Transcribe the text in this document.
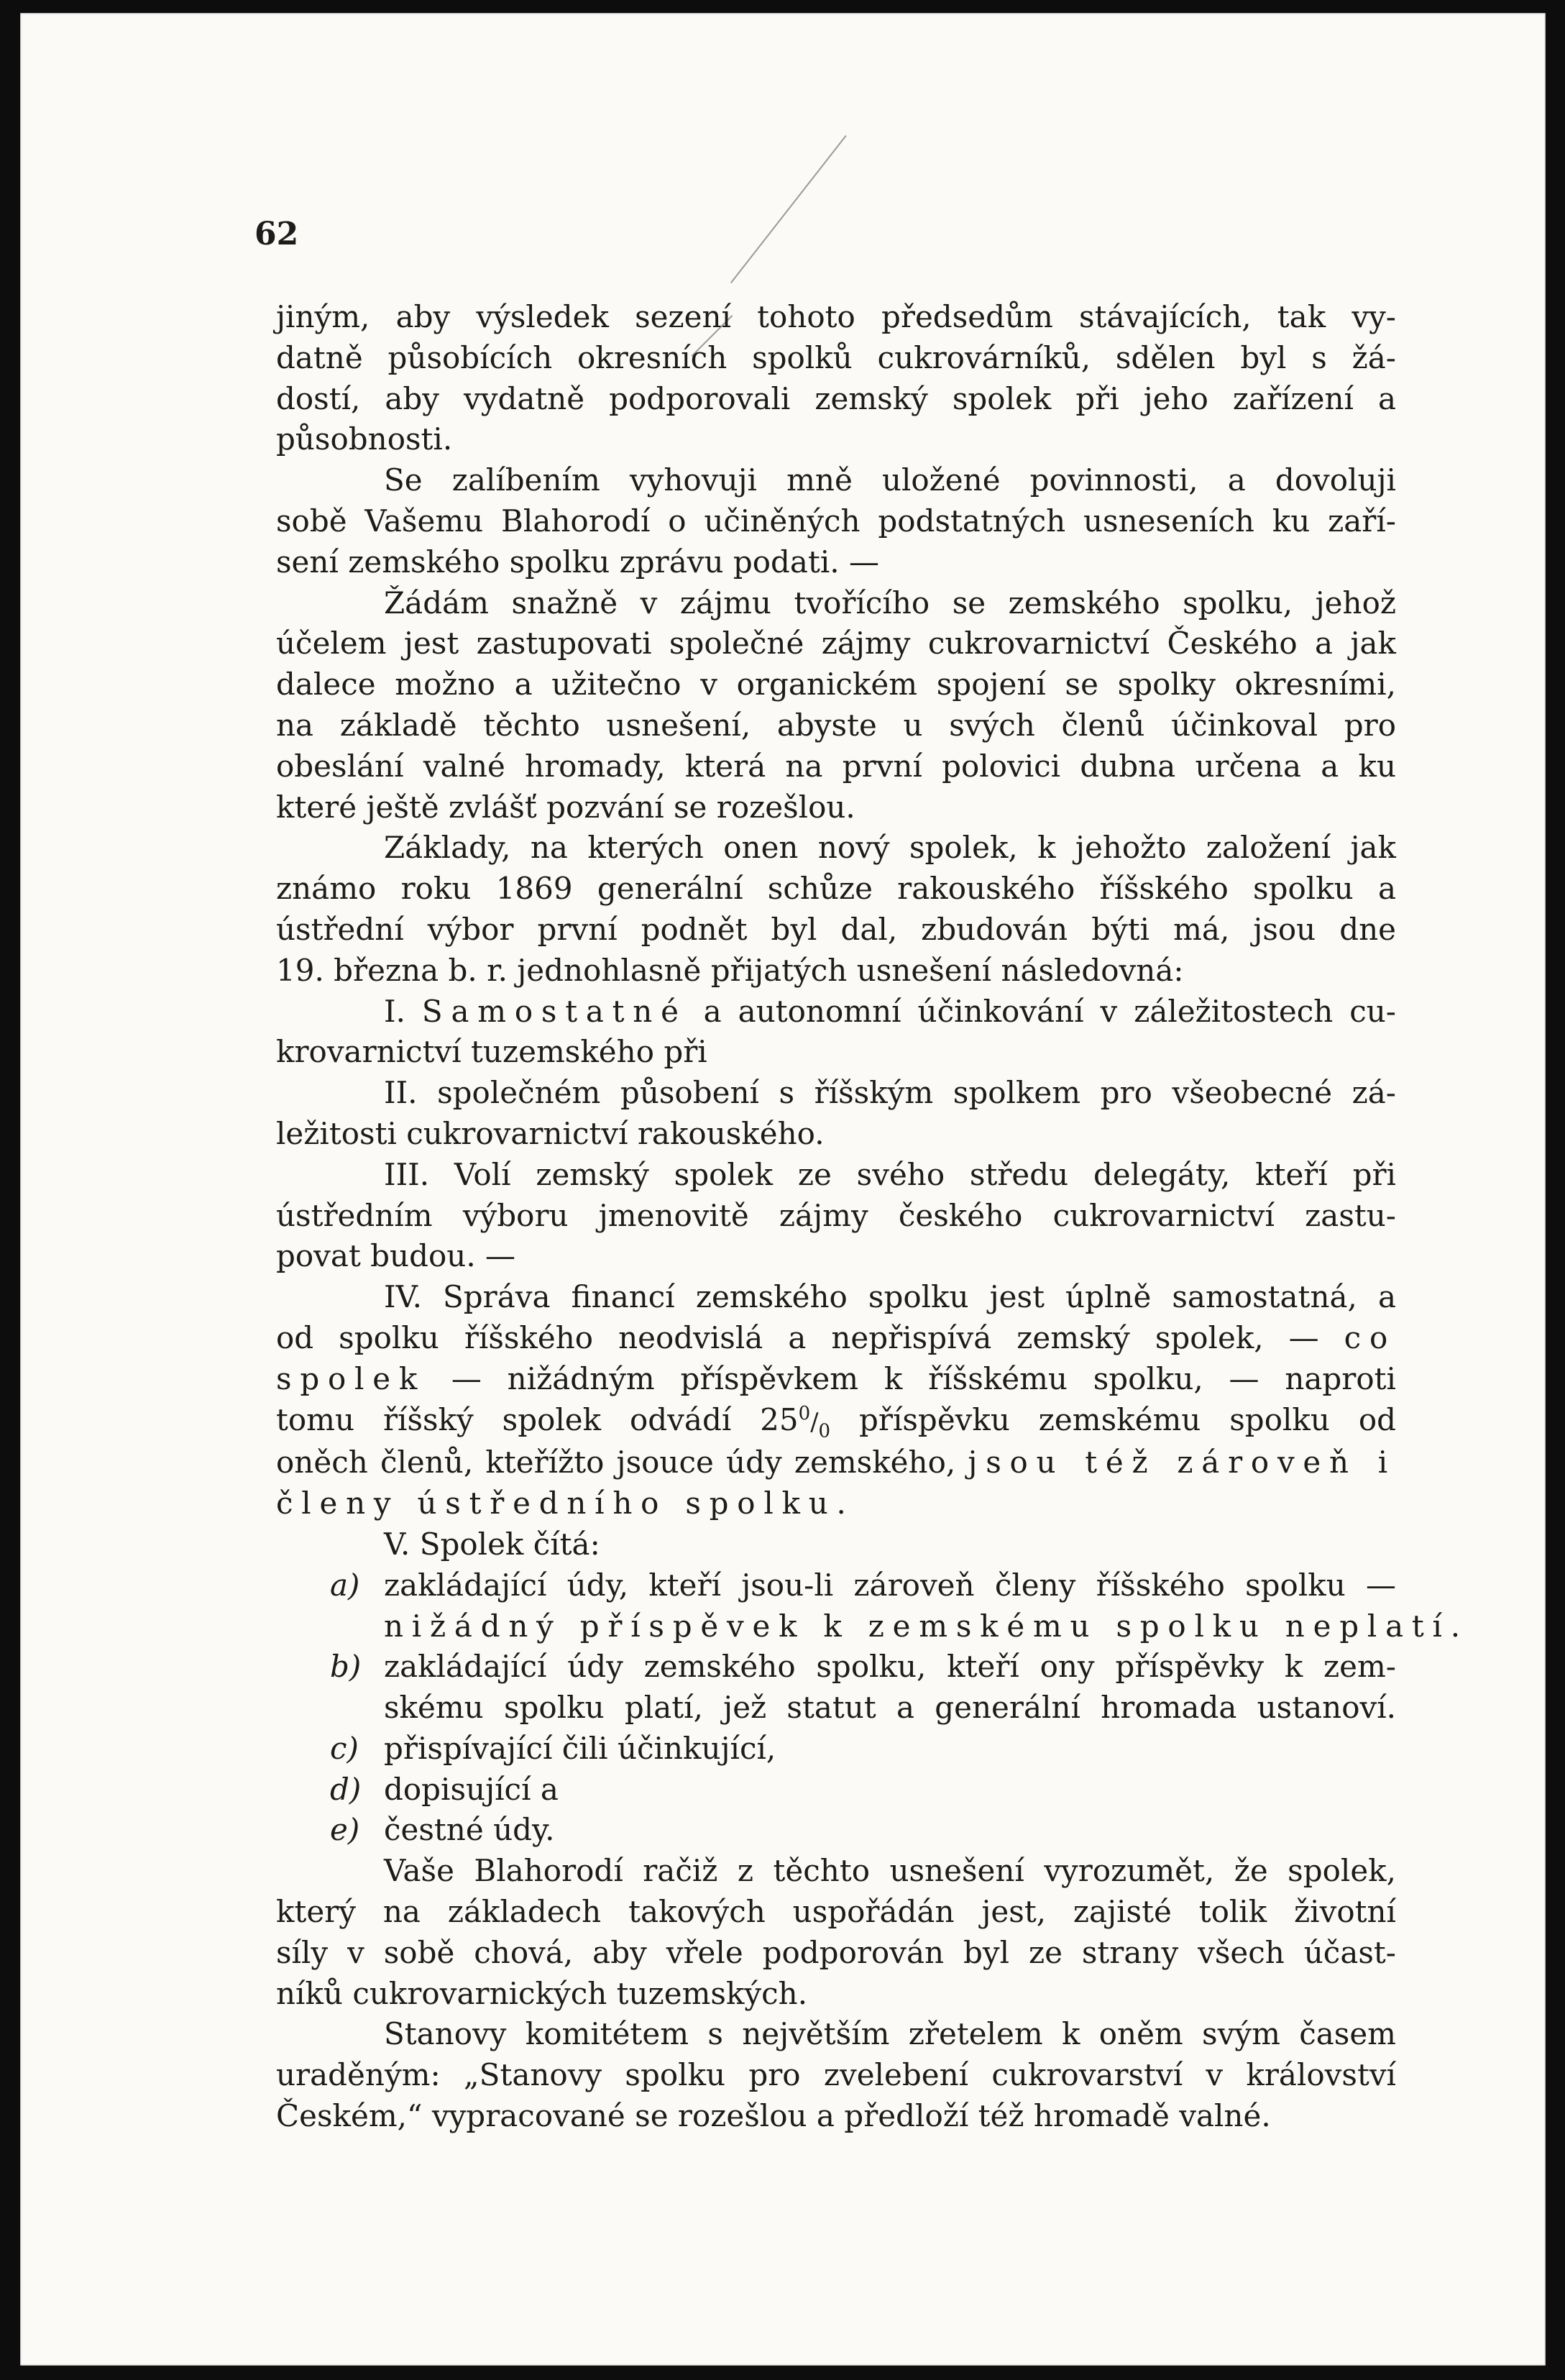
62
jiným, aby výsledek sezení tohoto předsedům stávajících, tak vy-
datně působících okresních spolků cukrovárníků, sdělen byl s žá-
dostí, aby vydatně podporovali zemský spolek při jeho zařízení a
působnosti.
Se zalíbením vyhovuji mně uložené povinnosti, a dovoluji
sobě Vašemu Blahorodí o učiněných podstatných usneseních ku zaří-
sení zemského spolku zprávu podati. —
Žádám snažně v zájmu tvořícího se zemského spolku, jehož
účelem jest zastupovati společné zájmy cukrovarnictví Českého a jak
dalece možno a užitečno v organickém spojení se spolky okresními,
na základě těchto usnešení, abyste u svých členů účinkoval pro
obeslání valné hromady, která na první polovici dubna určena a ku
které ještě zvlášť pozvání se rozešlou.
Základy, na kterých onen nový spolek, k jehožto založení jak
známo roku 1869 generální schůze rakouského říšského spolku a
ústřední výbor první podnět byl dal, zbudován býti má, jsou dne
19. března b. r. jednohlasně přijatých usnešení následovná:
I. Samostatné a autonomní účinkování v záležitostech cu-
krovarnictví tuzemského při
II. společném působení s říšským spolkem pro všeobecné zá-
ležitosti cukrovarnictví rakouského.
III. Volí zemský spolek ze svého středu delegáty, kteří při
ústředním výboru jmenovitě zájmy českého cukrovarnictví zastu-
povat budou. —
IV. Správa financí zemského spolku jest úplně samostatná, a
od spolku říšského neodvislá a nepřispívá zemský spolek, — co
spolek — nižádným příspěvkem k říšskému spolku, — naproti
tomu říšský spolek odvádí $25^0/_0$ příspěvku zemskému spolku od
oněch členů, kteřížto jsouce údy zemského, jsou též zároveň i
členy ústředního spolku.
V. Spolek čítá:
a) zakládající údy, kteří jsou-li zároveň členy říšského spolku —
nižádný příspěvek k zemskému spolku neplatí.
b) zakládající údy zemského spolku, kteří ony příspěvky k zem-
skému spolku platí, jež statut a generální hromada ustanoví.
c) přispívající čili účinkující,
d) dopisující a
e) čestné údy.
Vaše Blahorodí račiž z těchto usnešení vyrozumět, že spolek,
který na základech takových uspořádán jest, zajisté tolik životní
síly v sobě chová, aby vřele podporován byl ze strany všech účast-
níků cukrovarnických tuzemských.
Stanovy komitétem s největším zřetelem k oněm svým časem
uraděným: „Stanovy spolku pro zvelebení cukrovarství v království
Českém,“ vypracované se rozešlou a předloží též hromadě valné.
